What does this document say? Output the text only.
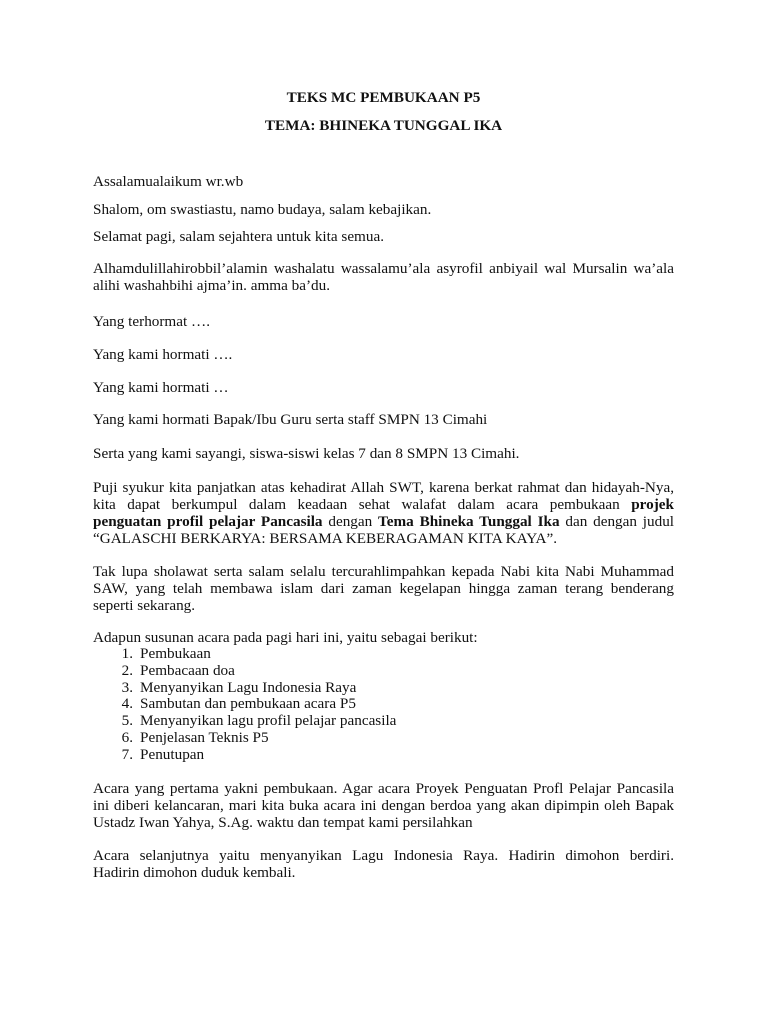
TEKS MC PEMBUKAAN P5

TEMA: BHINEKA TUNGGAL IKA

Assalamualaikum wr.wb

Shalom, om swastiastu, namo budaya, salam kebajikan.

Selamat pagi, salam sejahtera untuk kita semua.

Alhamdulillahirobbil’alamin washalatu wassalamu’ala asyrofil anbiyail wal Mursalin wa’ala
alihi washahbihi ajma’in. amma ba’du.

Yang terhormat ….

Yang kami hormati ….

Yang kami hormati …

Yang kami hormati Bapak/Ibu Guru serta staff SMPN 13 Cimahi

Serta yang kami sayangi, siswa-siswi kelas 7 dan 8 SMPN 13 Cimahi.

Puji syukur kita panjatkan atas kehadirat Allah SWT, karena berkat rahmat dan hidayah-Nya,
kita dapat berkumpul dalam keadaan sehat walafat dalam acara pembukaan projek
penguatan profil pelajar Pancasila dengan Tema Bhineka Tunggal Ika dan dengan judul
“GALASCHI BERKARYA: BERSAMA KEBERAGAMAN KITA KAYA”.
Tak lupa sholawat serta salam selalu tercurahlimpahkan kepada Nabi kita Nabi Muhammad
SAW, yang telah membawa islam dari zaman kegelapan hingga zaman terang benderang
seperti sekarang.

Adapun susunan acara pada pagi hari ini, yaitu sebagai berikut:

1. Pembukaan
2. Pembacaan doa
3. Menyanyikan Lagu Indonesia Raya
4. Sambutan dan pembukaan acara P5
5. Menyanyikan lagu profil pelajar pancasila
6. Penjelasan Teknis P5
7. Penutupan
Acara yang pertama yakni pembukaan. Agar acara Proyek Penguatan Profl Pelajar Pancasila
ini diberi kelancaran, mari kita buka acara ini dengan berdoa yang akan dipimpin oleh Bapak
Ustadz Iwan Yahya, S.Ag. waktu dan tempat kami persilahkan
Acara selanjutnya yaitu menyanyikan Lagu Indonesia Raya. Hadirin dimohon berdiri.
Hadirin dimohon duduk kembali.
